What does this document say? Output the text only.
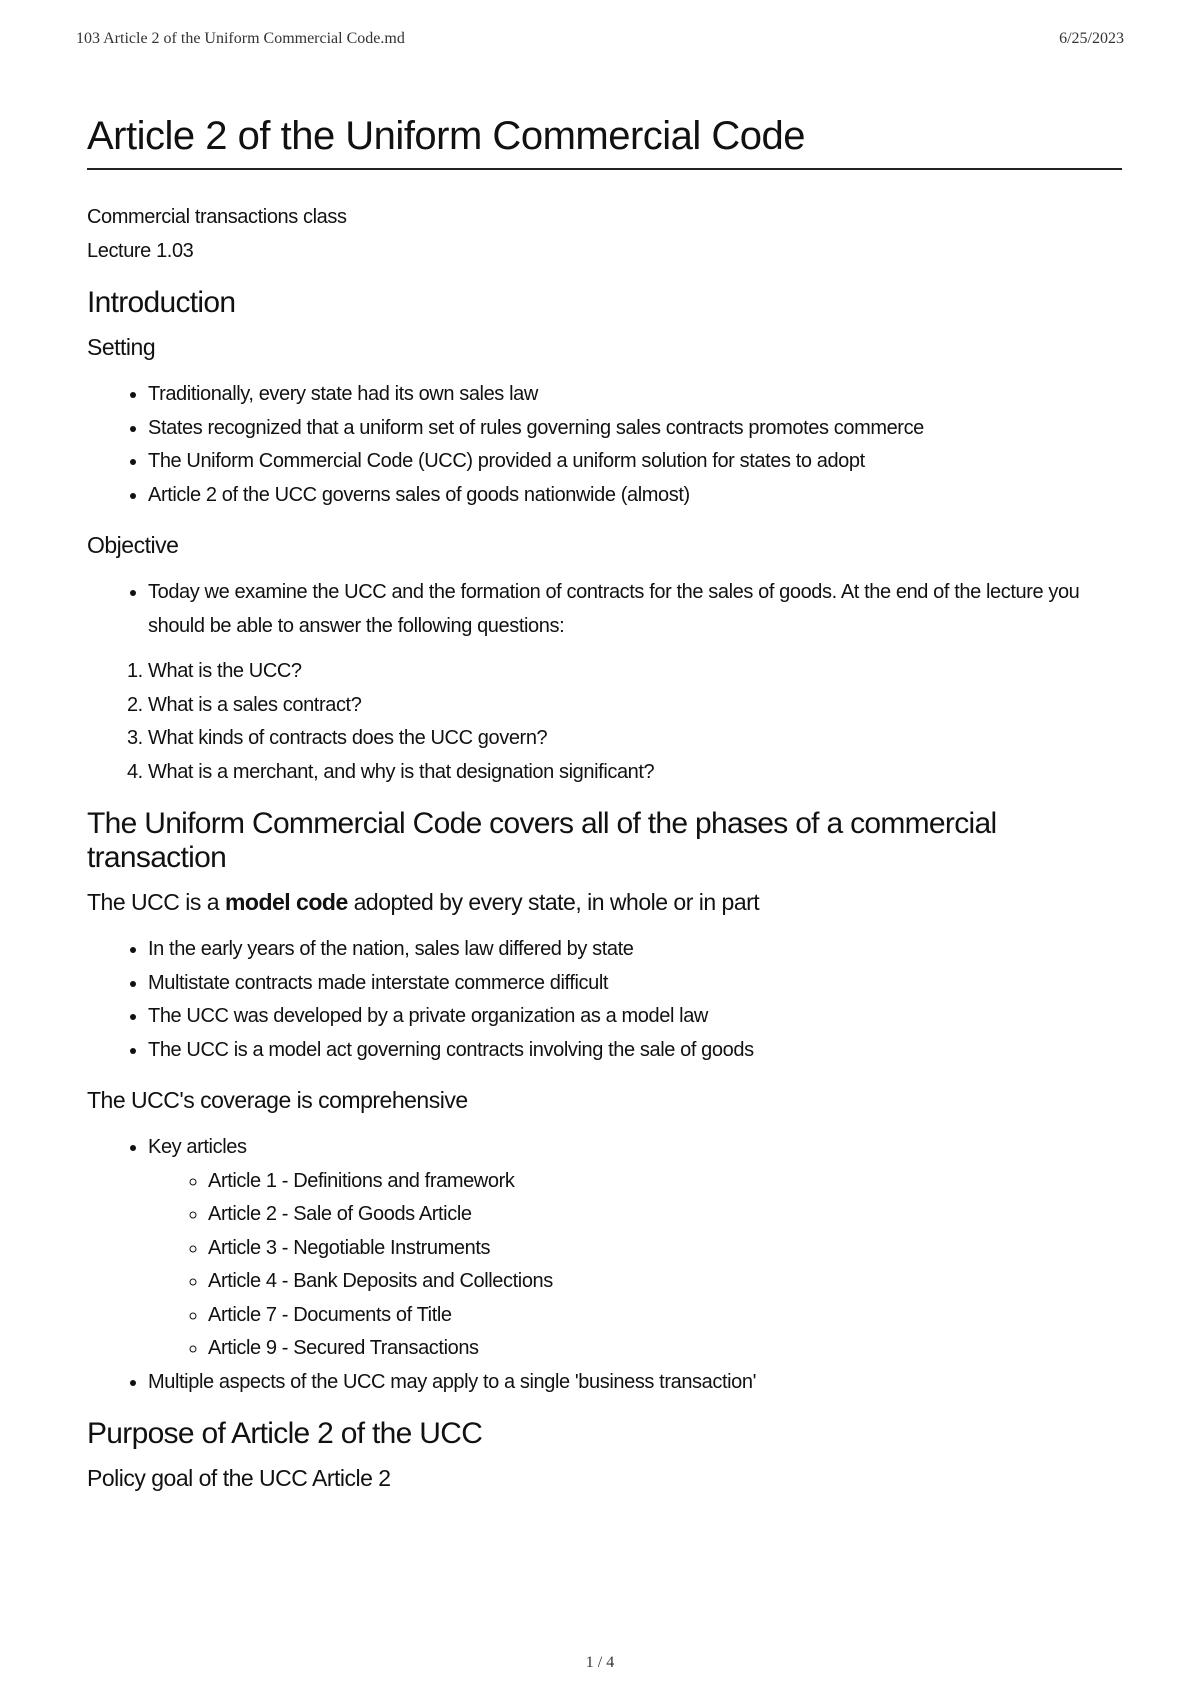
103 Article 2 of the Uniform Commercial Code.md	6/25/2023
Article 2 of the Uniform Commercial Code

Commercial transactions class

Lecture 1.03

Introduction
Setting
• Traditionally, every state had its own sales law
• States recognized that a uniform set of rules governing sales contracts promotes commerce
• The Uniform Commercial Code (UCC) provided a uniform solution for states to adopt
• Article 2 of the UCC governs sales of goods nationwide (almost)
Objective
• Today we examine the UCC and the formation of contracts for the sales of goods. At the end of the lecture you should be able to answer the following questions:
1. What is the UCC?
2. What is a sales contract?
3. What kinds of contracts does the UCC govern?
4. What is a merchant, and why is that designation significant?
The Uniform Commercial Code covers all of the phases of a commercial transaction
The UCC is a model code adopted by every state, in whole or in part
• In the early years of the nation, sales law differed by state
• Multistate contracts made interstate commerce difficult
• The UCC was developed by a private organization as a model law
• The UCC is a model act governing contracts involving the sale of goods
The UCC's coverage is comprehensive
• Key articles
◦ Article 1 - Definitions and framework
◦ Article 2 - Sale of Goods Article
◦ Article 3 - Negotiable Instruments
◦ Article 4 - Bank Deposits and Collections
◦ Article 7 - Documents of Title
◦ Article 9 - Secured Transactions
• Multiple aspects of the UCC may apply to a single 'business transaction'
Purpose of Article 2 of the UCC
Policy goal of the UCC Article 2
1 / 4
